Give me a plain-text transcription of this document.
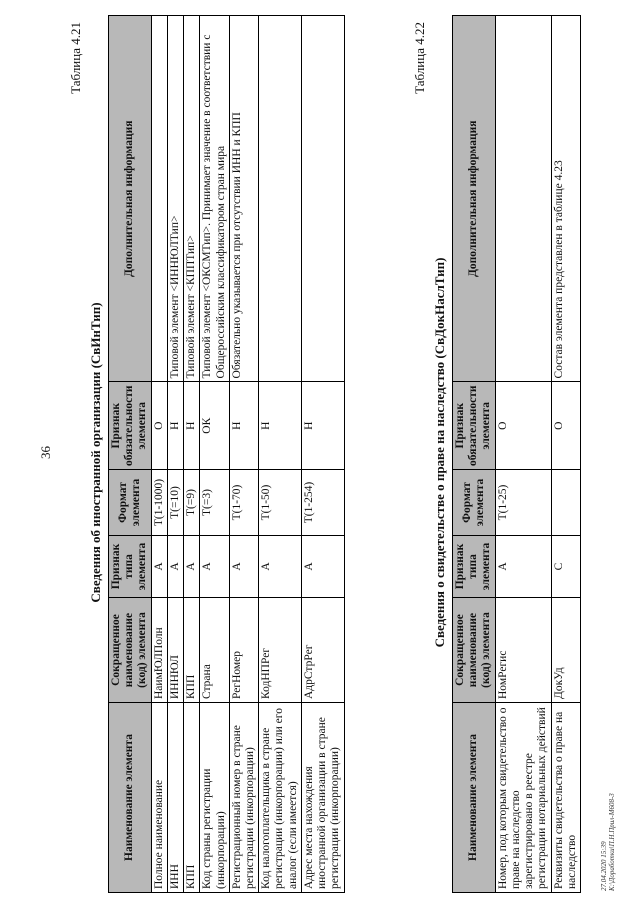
36
Таблица 4.21
Сведения об иностранной организации (СвИнТип)
Наименование элемента	Сокращенное наименование (код) элемента	Признак типа элемента	Формат элемента	Признак обязательности элемента	Дополнительная информация
Полное наименование	НаимЮЛПолн	А	T(1-1000)	О	
ИНН	ИННЮЛ	А	T(=10)	Н	Типовой элемент <ИННЮЛТип>
КПП	КПП	А	T(=9)	Н	Типовой элемент <КППТип>
Код страны регистрации (инкорпорации)	Страна	А	T(=3)	ОК	Типовой элемент <ОКСМТип>. Принимает значение в соответствии с Общероссийским классификатором стран мира
Регистрационный номер в стране регистрации (инкорпорации)	РегНомер	А	T(1-70)	Н	Обязательно указывается при отсутствии ИНН и КПП
Код налогоплательщика в стране регистрации (инкорпорации) или его аналог (если имеется)	КодНПРег	А	T(1-50)	Н	
Адрес места нахождения иностранной организации в стране регистрации (инкорпорации)	АдрСтрРег	А	T(1-254)	Н	
Таблица 4.22
Сведения о свидетельстве о праве на наследство (СвДокНаслТип)
Наименование элемента	Сокращенное наименование (код) элемента	Признак типа элемента	Формат элемента	Признак обязательности элемента	Дополнительная информация
Номер, под которым свидетельство о праве на наследство зарегистрировано в реестре регистрации нотариальных действий	НомРегис	А	T(1-25)	О	
Реквизиты свидетельства о праве на наследство	ДокУд	С		О	Состав элемента представлен в таблице 4.23
27.04.2020 15:39 К:\Доработки\П.Н.Прил-М608-3
